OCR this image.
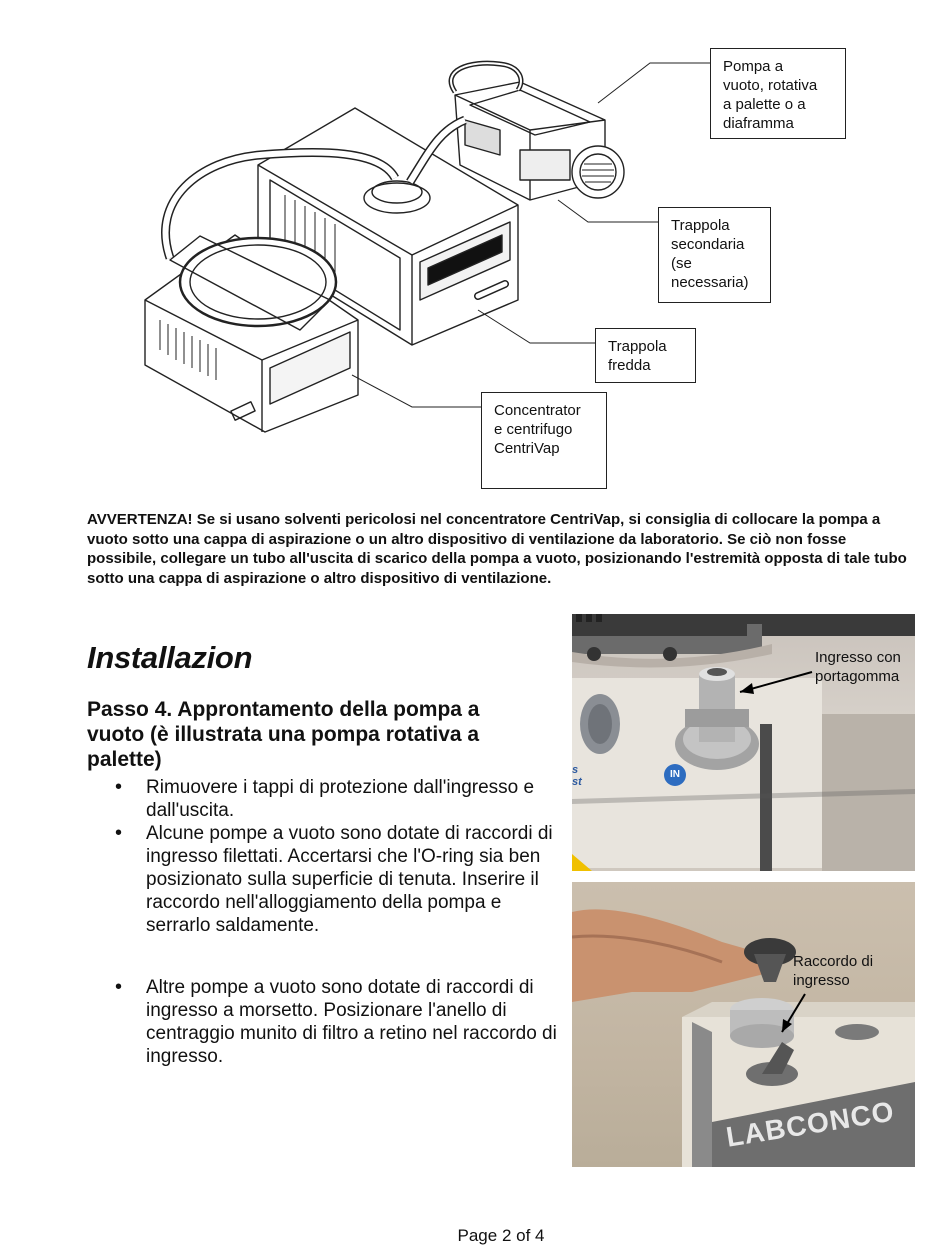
Pompa a
vuoto, rotativa
a palette o a
diaframma
Trappola
secondaria
(se
necessaria)
Trappola
fredda
Concentrator
e centrifugo
CentriVap
AVVERTENZA! Se si usano solventi pericolosi nel concentratore CentriVap, si consiglia di collocare la pompa a vuoto sotto una cappa di aspirazione o un altro dispositivo di ventilazione da laboratorio. Se ciò non fosse possibile, collegare un tubo all'uscita di scarico della pompa a vuoto, posizionando l'estremità opposta di tale tubo sotto una cappa di aspirazione o altro dispositivo di ventilazione.
Installazion
Passo 4. Approntamento della pompa a vuoto (è illustrata una pompa rotativa a palette)
• Rimuovere i tappi di protezione dall'ingresso e dall'uscita.
• Alcune pompe a vuoto sono dotate di raccordi di ingresso filettati. Accertarsi che l'O-ring sia ben posizionato sulla superficie di tenuta. Inserire il raccordo nell'alloggiamento della pompa e serrarlo saldamente.
• Altre pompe a vuoto sono dotate di raccordi di ingresso a morsetto. Posizionare l'anello di centraggio munito di filtro a retino nel raccordo di ingresso.
IN
s
st
Ingresso con
portagomma
LABCONCO
Raccordo di
ingresso
Page 2 of 4
